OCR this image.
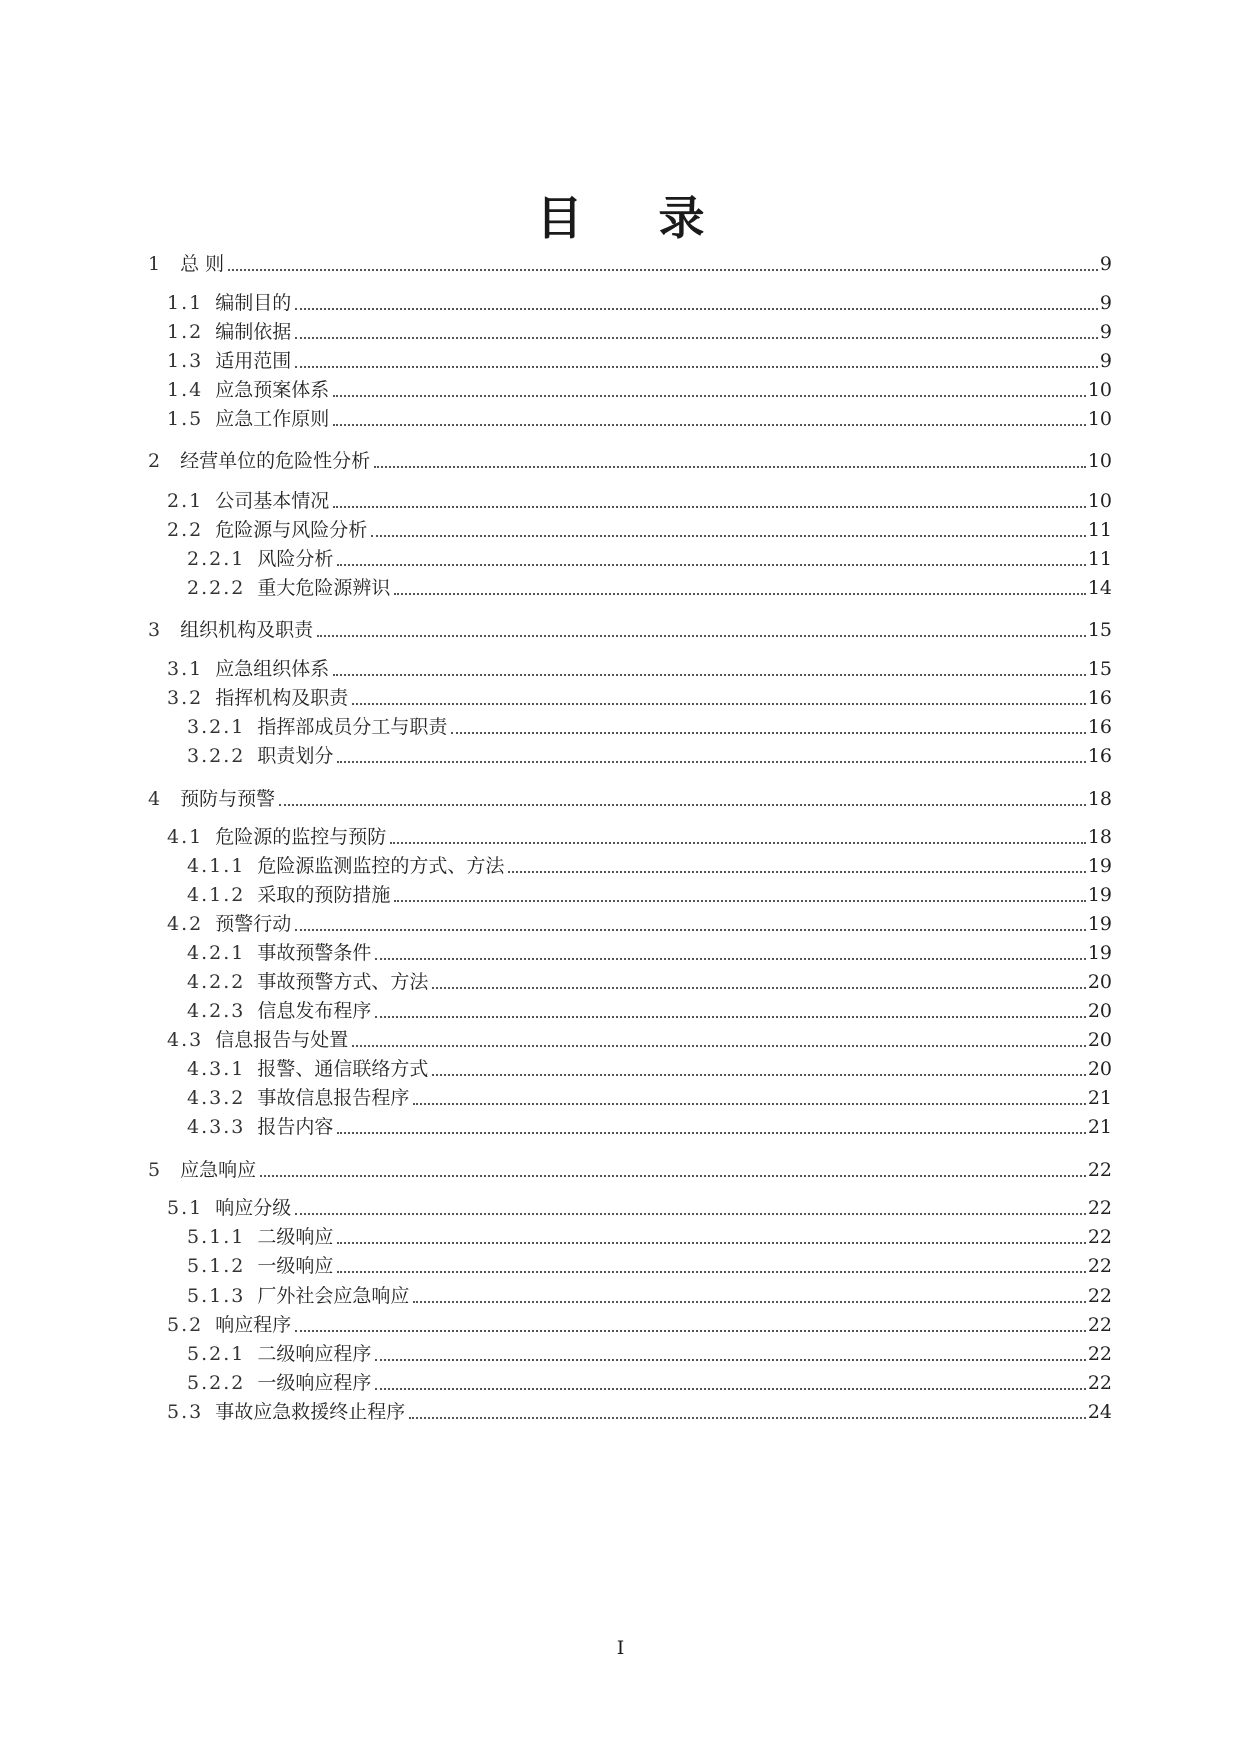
目 录
1 总 则	9
1.1 编制目的	9
1.2 编制依据	9
1.3 适用范围	9
1.4 应急预案体系	10
1.5 应急工作原则	10
2 经营单位的危险性分析	10
2.1 公司基本情况	10
2.2 危险源与风险分析	11
2.2.1 风险分析	11
2.2.2 重大危险源辨识	14
3 组织机构及职责	15
3.1 应急组织体系	15
3.2 指挥机构及职责	16
3.2.1 指挥部成员分工与职责	16
3.2.2 职责划分	16
4 预防与预警	18
4.1 危险源的监控与预防	18
4.1.1 危险源监测监控的方式、方法	19
4.1.2 采取的预防措施	19
4.2 预警行动	19
4.2.1 事故预警条件	19
4.2.2 事故预警方式、方法	20
4.2.3 信息发布程序	20
4.3 信息报告与处置	20
4.3.1 报警、通信联络方式	20
4.3.2 事故信息报告程序	21
4.3.3 报告内容	21
5 应急响应	22
5.1 响应分级	22
5.1.1 二级响应	22
5.1.2 一级响应	22
5.1.3 厂外社会应急响应	22
5.2 响应程序	22
5.2.1 二级响应程序	22
5.2.2 一级响应程序	22
5.3 事故应急救援终止程序	24
I
